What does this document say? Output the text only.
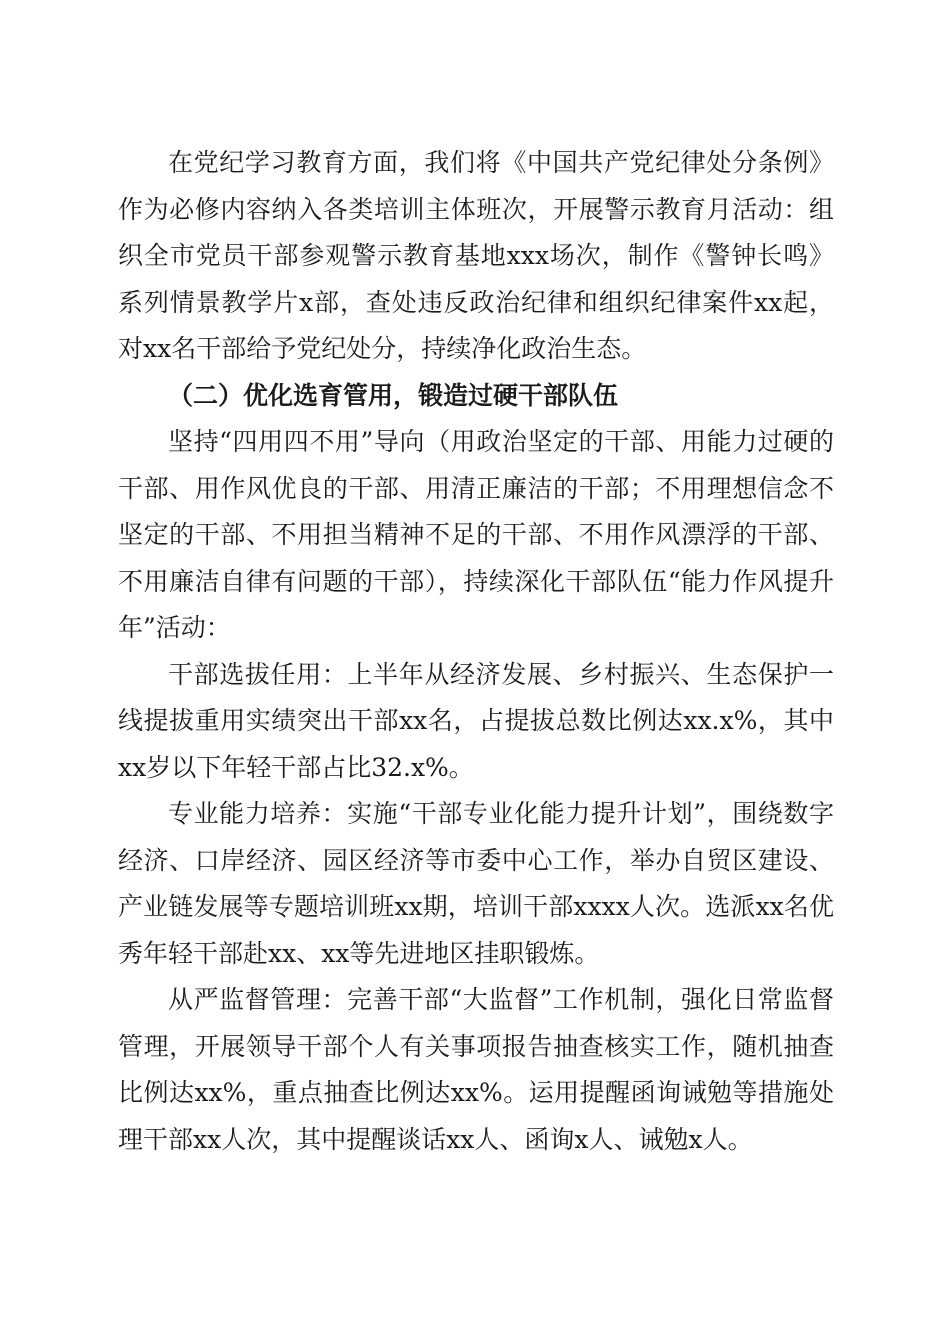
在党纪学习教育方面，我们将《中国共产党纪律处分条例》作为必修内容纳入各类培训主体班次，开展警示教育月活动：组织全市党员干部参观警示教育基地xxx场次，制作《警钟长鸣》系列情景教学片x部，查处违反政治纪律和组织纪律案件xx起，对xx名干部给予党纪处分，持续净化政治生态。

（二）优化选育管用，锻造过硬干部队伍

坚持“四用四不用”导向（用政治坚定的干部、用能力过硬的干部、用作风优良的干部、用清正廉洁的干部；不用理想信念不坚定的干部、不用担当精神不足的干部、不用作风漂浮的干部、不用廉洁自律有问题的干部），持续深化干部队伍“能力作风提升年”活动：

干部选拔任用：上半年从经济发展、乡村振兴、生态保护一线提拔重用实绩突出干部xx名，占提拔总数比例达xx.x%，其中xx岁以下年轻干部占比32.x%。

专业能力培养：实施“干部专业化能力提升计划”，围绕数字经济、口岸经济、园区经济等市委中心工作，举办自贸区建设、产业链发展等专题培训班xx期，培训干部xxxx人次。选派xx名优秀年轻干部赴xx、xx等先进地区挂职锻炼。

从严监督管理：完善干部“大监督”工作机制，强化日常监督管理，开展领导干部个人有关事项报告抽查核实工作，随机抽查比例达xx%，重点抽查比例达xx%。运用提醒函询诫勉等措施处理干部xx人次，其中提醒谈话xx人、函询x人、诫勉x人。
